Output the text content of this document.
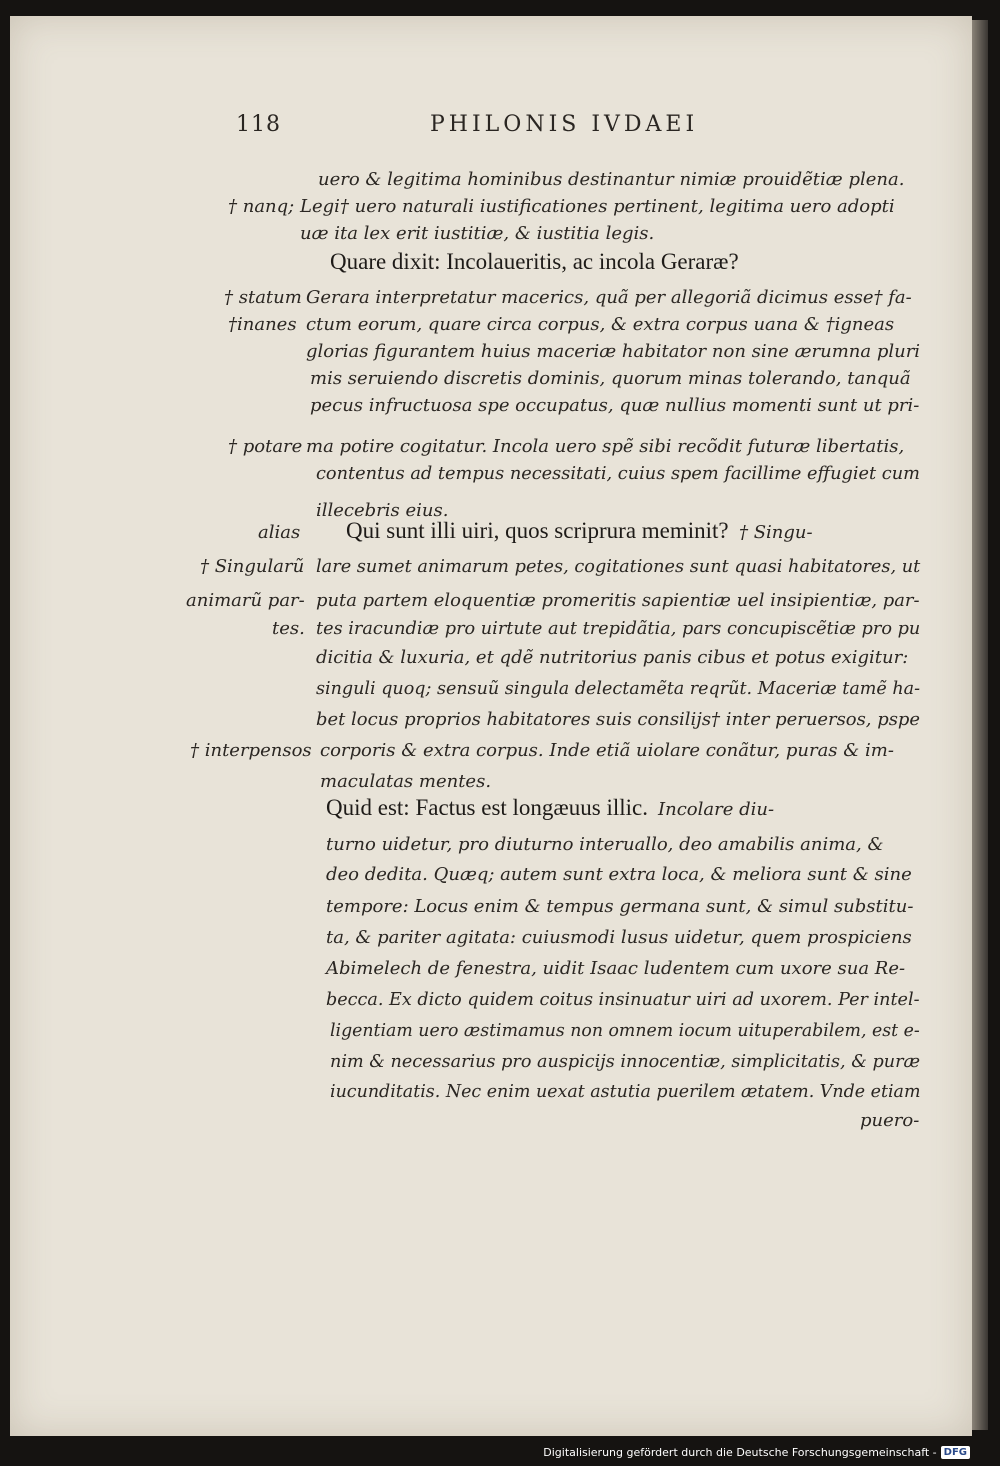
118	PHILONIS IVDAEI
uero & legitima hominibus destinantur nimiæ prouidẽtiæ plena.
† nanq; Legi† uero naturali iustificationes pertinent, legitima uero adopti
uæ ita lex erit iustitiæ, & iustitia legis.
Quare dixit: Incolaueritis, ac incola Geraræ?
† statum Gerara interpretatur macerics, quã per allegoriã dicimus esse† fa-
†inanes ctum eorum, quare circa corpus, & extra corpus uana & †igneas
glorias figurantem huius maceriæ habitator non sine ærumna pluri
mis seruiendo discretis dominis, quorum minas tolerando, tanquã
pecus infructuosa spe occupatus, quæ nullius momenti sunt ut pri-
† potare ma potire cogitatur. Incola uero spẽ sibi recõdit futuræ libertatis,
contentus ad tempus necessitati, cuius spem facillime effugiet cum
illecebris eius.
alias Qui sunt illi uiri, quos scriprura meminit? † Singu-
† Singularũ lare sumet animarum petes, cogitationes sunt quasi habitatores, ut
animarũ par- puta partem eloquentiæ promeritis sapientiæ uel insipientiæ, par-
tes. tes iracundiæ pro uirtute aut trepidãtia, pars concupiscẽtiæ pro pu
dicitia & luxuria, et qdẽ nutritorius panis cibus et potus exigitur:
singuli quoq; sensuũ singula delectamẽta reqrũt. Maceriæ tamẽ ha-
bet locus proprios habitatores suis consilijs† inter peruersos, pspe
† interpensos corporis & extra corpus. Inde etiã uiolare conãtur, puras & im-
maculatas mentes.
Quid est: Factus est longæuus illic. Incolare diu-
turno uidetur, pro diuturno interuallo, deo amabilis anima, &
deo dedita. Quæq; autem sunt extra loca, & meliora sunt & sine
tempore: Locus enim & tempus germana sunt, & simul substitu-
ta, & pariter agitata: cuiusmodi lusus uidetur, quem prospiciens
Abimelech de fenestra, uidit Isaac ludentem cum uxore sua Re-
becca. Ex dicto quidem coitus insinuatur uiri ad uxorem. Per intel-
ligentiam uero æstimamus non omnem iocum uituperabilem, est e-
nim & necessarius pro auspicijs innocentiæ, simplicitatis, & puræ
iucunditatis. Nec enim uexat astutia puerilem ætatem. Vnde etiam
puero-
Digitalisierung gefördert durch die Deutsche Forschungsgemeinschaft - DFG
